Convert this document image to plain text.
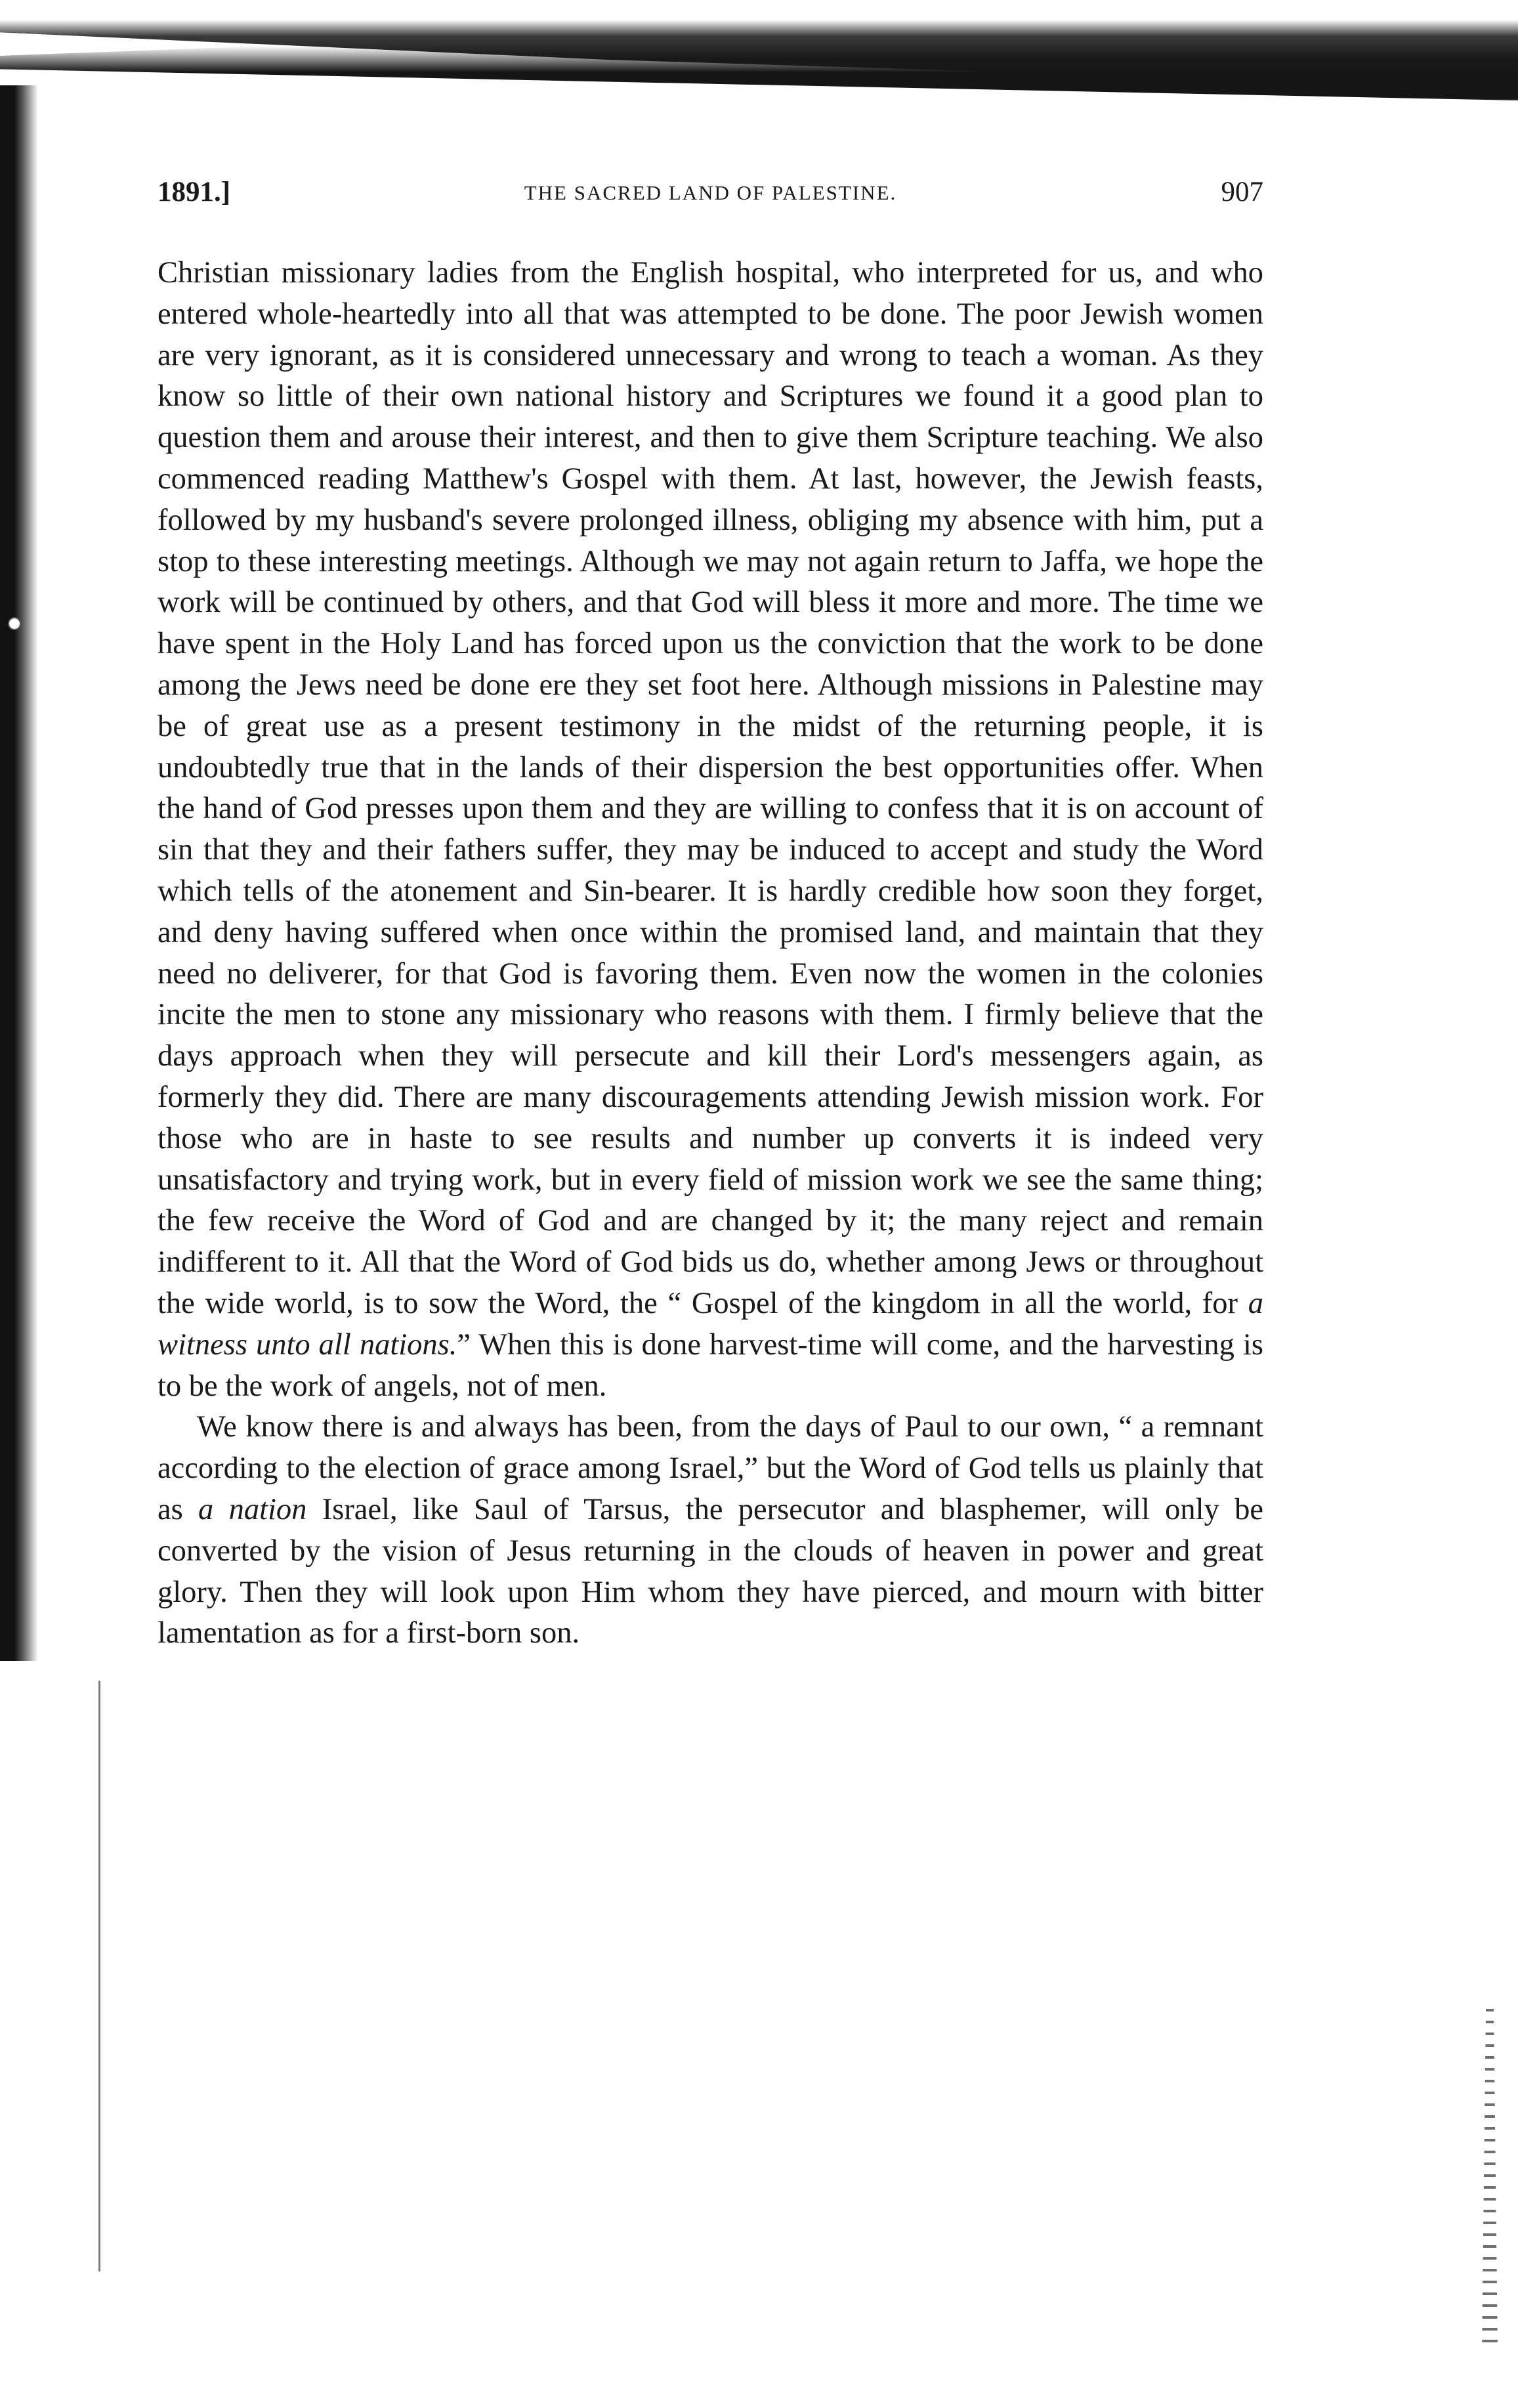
1891.]	THE SACRED LAND OF PALESTINE.	907

Christian missionary ladies from the English hospital, who interpreted for us, and who entered whole-heartedly into all that was attempted to be done. The poor Jewish women are very ignorant, as it is considered unnecessary and wrong to teach a woman. As they know so little of their own national history and Scriptures we found it a good plan to question them and arouse their interest, and then to give them Scripture teaching. We also commenced reading Matthew's Gospel with them. At last, however, the Jewish feasts, followed by my husband's severe prolonged illness, obliging my absence with him, put a stop to these interesting meetings. Although we may not again return to Jaffa, we hope the work will be continued by others, and that God will bless it more and more. The time we have spent in the Holy Land has forced upon us the conviction that the work to be done among the Jews need be done ere they set foot here. Although missions in Palestine may be of great use as a present testimony in the midst of the returning people, it is undoubtedly true that in the lands of their dispersion the best opportunities offer. When the hand of God presses upon them and they are willing to confess that it is on account of sin that they and their fathers suffer, they may be induced to accept and study the Word which tells of the atonement and Sin-bearer. It is hardly credible how soon they forget, and deny having suffered when once within the promised land, and maintain that they need no deliverer, for that God is favoring them. Even now the women in the colonies incite the men to stone any missionary who reasons with them. I firmly believe that the days approach when they will persecute and kill their Lord's messengers again, as formerly they did. There are many discouragements attending Jewish mission work. For those who are in haste to see results and number up converts it is indeed very unsatisfactory and trying work, but in every field of mission work we see the same thing; the few receive the Word of God and are changed by it; the many reject and remain indifferent to it. All that the Word of God bids us do, whether among Jews or throughout the wide world, is to sow the Word, the “ Gospel of the kingdom in all the world, for a witness unto all nations.” When this is done harvest-time will come, and the harvesting is to be the work of angels, not of men.

We know there is and always has been, from the days of Paul to our own, “ a remnant according to the election of grace among Israel,” but the Word of God tells us plainly that as a nation Israel, like Saul of Tarsus, the persecutor and blasphemer, will only be converted by the vision of Jesus returning in the clouds of heaven in power and great glory. Then they will look upon Him whom they have pierced, and mourn with bitter lamentation as for a first-born son.
